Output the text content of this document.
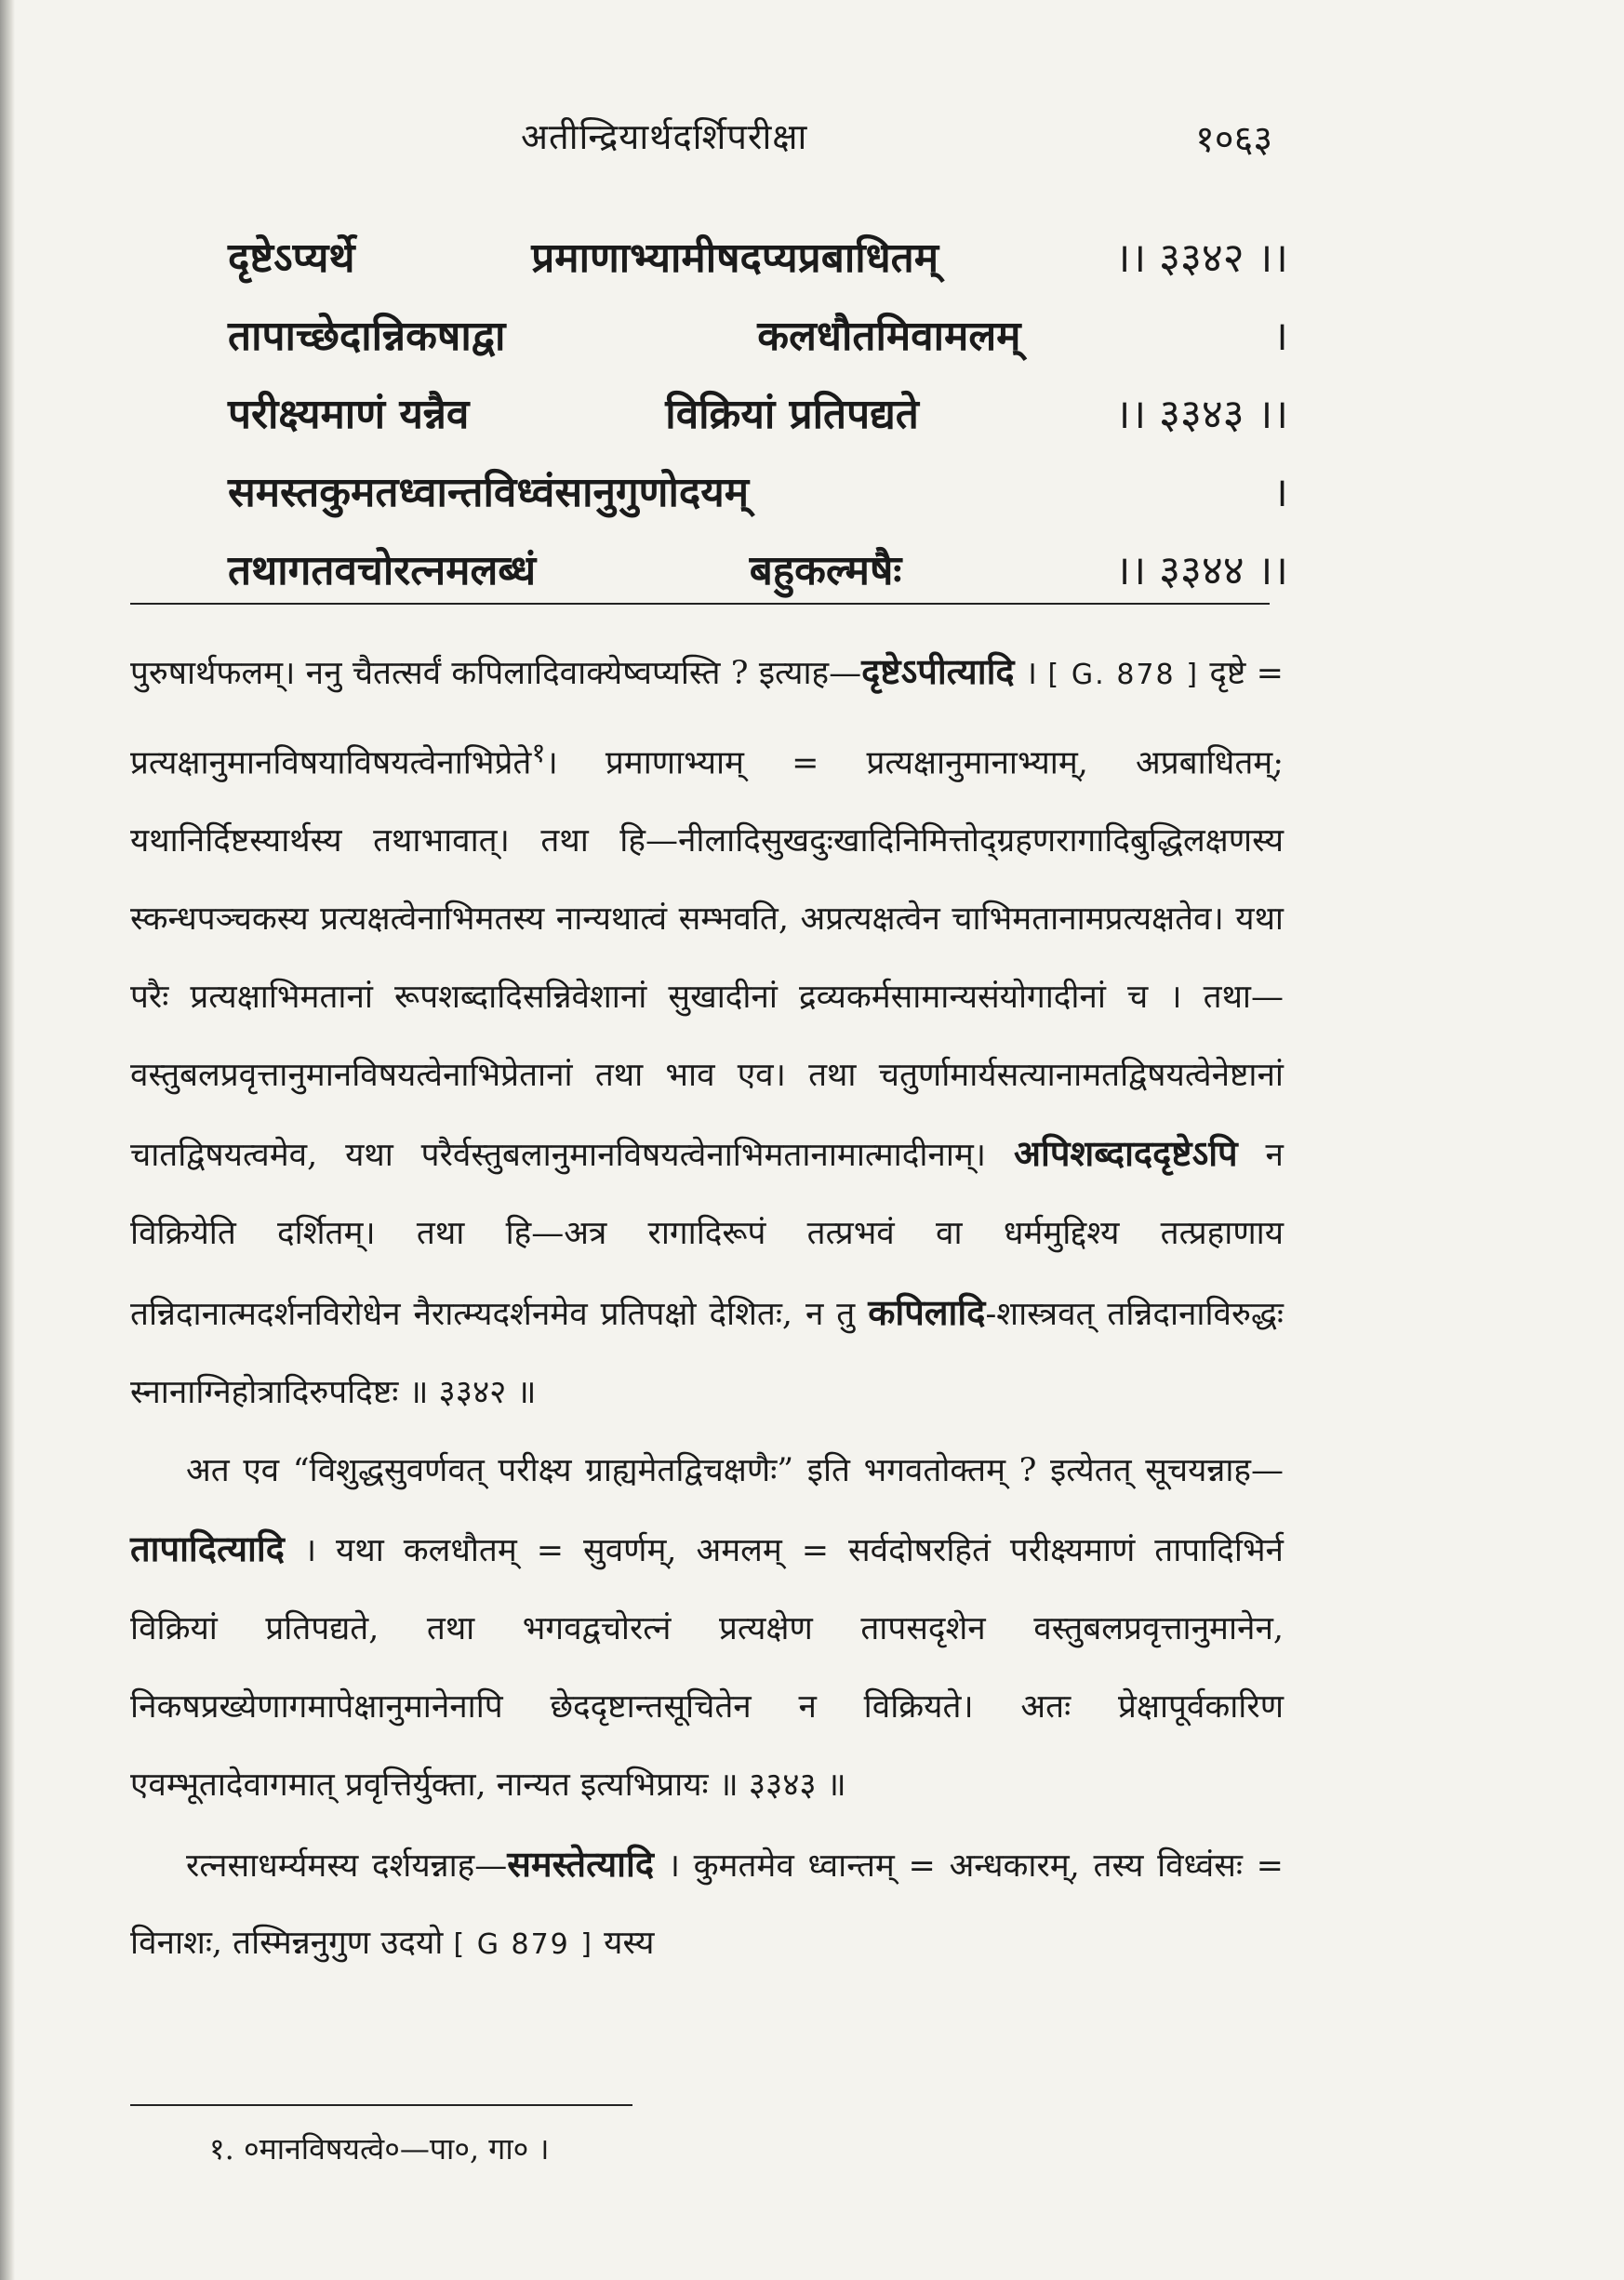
अतीन्द्रियार्थदर्शिपरीक्षा	१०६३
दृष्टेऽप्यर्थे	प्रमाणाभ्यामीषदप्यप्रबाधितम्	।। ३३४२ ।।
तापाच्छेदान्निकषाद्वा	कलधौतमिवामलम्	।
परीक्ष्यमाणं यन्नैव	विक्रियां प्रतिपद्यते	।। ३३४३ ।।
समस्तकुमतध्वान्तविध्वंसानुगुणोदयम्	।
तथागतवचोरत्नमलब्धं	बहुकल्मषैः	।। ३३४४ ।।

पुरुषार्थफलम्। ननु चैतत्सर्वं कपिलादिवाक्येष्वप्यस्ति ? इत्याह—दृष्टेऽपीत्यादि । [ G. 878 ] दृष्टे = प्रत्यक्षानुमानविषयाविषयत्वेनाभिप्रेते$^१$। प्रमाणाभ्याम् = प्रत्यक्षानुमानाभ्याम्, अप्रबाधितम्; यथानिर्दिष्टस्यार्थस्य तथाभावात्। तथा हि—नीलादिसुखदुःखादिनिमित्तोद्ग्रहणरागादिबुद्धिलक्षणस्य स्कन्धपञ्चकस्य प्रत्यक्षत्वेनाभिमतस्य नान्यथात्वं सम्भवति, अप्रत्यक्षत्वेन चाभिमतानामप्रत्यक्षतेव। यथा परैः प्रत्यक्षाभिमतानां रूपशब्दादिसन्निवेशानां सुखादीनां द्रव्यकर्मसामान्यसंयोगादीनां च । तथा— वस्तुबलप्रवृत्तानुमानविषयत्वेनाभिप्रेतानां तथा भाव एव। तथा चतुर्णामार्यसत्यानामतद्विषयत्वेनेष्टानां चातद्विषयत्वमेव, यथा परैर्वस्तुबलानुमानविषयत्वेनाभिमतानामात्मादीनाम्। अपिशब्दाददृष्टेऽपि न विक्रियेति दर्शितम्। तथा हि—अत्र रागादिरूपं तत्प्रभवं वा धर्ममुद्दिश्य तत्प्रहाणाय तन्निदानात्मदर्शनविरोधेन नैरात्म्यदर्शनमेव प्रतिपक्षो देशितः, न तु कपिलादि-शास्त्रवत् तन्निदानाविरुद्धः स्नानाग्निहोत्रादिरुपदिष्टः ॥ ३३४२ ॥

अत एव “विशुद्धसुवर्णवत् परीक्ष्य ग्राह्यमेतद्विचक्षणैः” इति भगवतोक्तम् ? इत्येतत् सूचयन्नाह—तापादित्यादि । यथा कलधौतम् = सुवर्णम्, अमलम् = सर्वदोषरहितं परीक्ष्यमाणं तापादिभिर्न विक्रियां प्रतिपद्यते, तथा भगवद्वचोरत्नं प्रत्यक्षेण तापसदृशेन वस्तुबलप्रवृत्तानुमानेन, निकषप्रख्येणागमापेक्षानुमानेनापि छेददृष्टान्तसूचितेन न विक्रियते। अतः प्रेक्षापूर्वकारिण एवम्भूतादेवागमात् प्रवृत्तिर्युक्ता, नान्यत इत्यभिप्रायः ॥ ३३४३ ॥

रत्नसाधर्म्यमस्य दर्शयन्नाह—समस्तेत्यादि । कुमतमेव ध्वान्तम् = अन्धकारम्, तस्य विध्वंसः = विनाशः, तस्मिन्ननुगुण उदयो [ G 879 ] यस्य

१. ०मानविषयत्वे०—पा०, गा० ।
